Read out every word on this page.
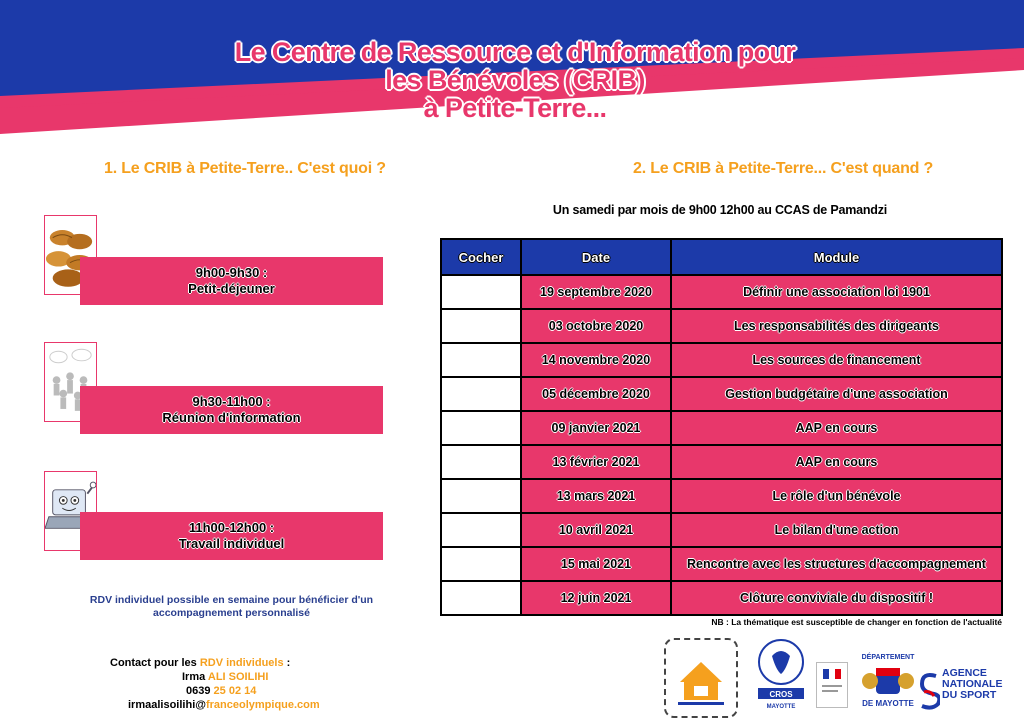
Le Centre de Ressource et d'Information pour
les Bénévoles (CRIB)
à Petite-Terre...
1. Le CRIB à Petite-Terre.. C'est quoi ?
9h00-9h30 :
Petit-déjeuner
9h30-11h00 :
Réunion d'information
11h00-12h00 :
Travail individuel
RDV individuel possible en semaine pour bénéficier d'un accompagnement personnalisé
Contact pour les RDV individuels :
Irma ALI SOILIHI
0639 25 02 14
irmaalisoilihi@franceolympique.com
2. Le CRIB à Petite-Terre... C'est quand ?
Un samedi par mois de 9h00 12h00 au CCAS de Pamandzi
Cocher	Date	Module
	19 septembre 2020	Définir une association loi 1901
	03 octobre 2020	Les responsabilités des dirigeants
	14 novembre 2020	Les sources de financement
	05 décembre 2020	Gestion budgétaire d'une association
	09 janvier 2021	AAP en cours
	13 février 2021	AAP en cours
	13 mars 2021	Le rôle d'un bénévole
	10 avril 2021	Le bilan d'une action
	15 mai 2021	Rencontre avec les structures d'accompagnement
	12 juin 2021	Clôture conviviale du dispositif !
NB : La thématique est susceptible de changer en fonction de l'actualité
CROS
MAYOTTE
DÉPARTEMENT
DE MAYOTTE
AGENCE
NATIONALE
DU SPORT
